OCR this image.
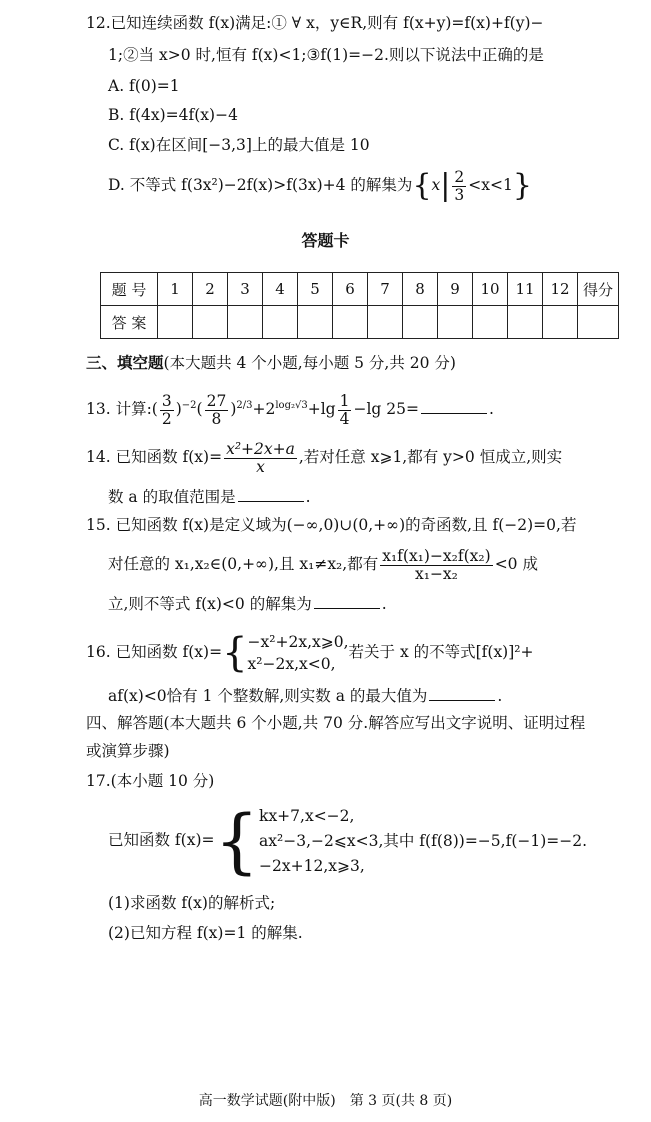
12.已知连续函数 f(x)满足:① ∀ x，y∈R,则有 f(x+y)=f(x)+f(y)−
1;②当 x>0 时,恒有 f(x)<1;③f(1)=−2.则以下说法中正确的是
A. f(0)=1
B. f(4x)=4f(x)−4
C. f(x)在区间[−3,3]上的最大值是 10
D. 不等式 f(3x²)−2f(x)>f(3x)+4 的解集为$\{x| \frac{2}{3} <x<1\}$
答题卡
题 号	1	2	3	4	5	6	7	8	9	10	11	12	得分
答 案													
三、填空题(本大题共 4 个小题,每小题 5 分,共 20 分)
13. 计算:( $\frac{3}{2} )^{-2}( \frac{27}{8} )^{2/3}+2^{log_2√3}+\lg \frac{1}{4} -\lg$ 25=	.
14. 已知函数 $f(x)= \frac{\text{x²+2x+a}}{x}$ ,若对任意 x⩾1,都有 y>0 恒成立,则实
数 a 的取值范围是	.
15. 已知函数 f(x)是定义域为(−∞,0)∪(0,+∞)的奇函数,且 f(−2)=0,若
对任意的 x₁,x₂∈(0,+∞),且 x₁≠x₂,都有 $\frac{\text{x₁f(x₁)−x₂f(x₂)}}{\text{x₁−x₂}} <0$ 成
立,则不等式 f(x)<0 的解集为	.
16. 已知函数 f(x)={ −x²+2x,x⩾0,
x²−2x,x<0,
若关于 x 的不等式[f(x)]²+
af(x)<0恰有 1 个整数解,则实数 a 的最大值为	.
四、解答题(本大题共 6 个小题,共 70 分.解答应写出文字说明、证明过程
或演算步骤)
17.(本小题 10 分)
已知函数 f(x)={ kx+7,x<−2,
ax²−3,−2⩽x<3,其中 f(f(8))=−5,f(−1)=−2.
−2x+12,x⩾3,
(1)求函数 f(x)的解析式;
(2)已知方程 f(x)=1 的解集.
高一数学试题(附中版)　第 3 页(共 8 页)
